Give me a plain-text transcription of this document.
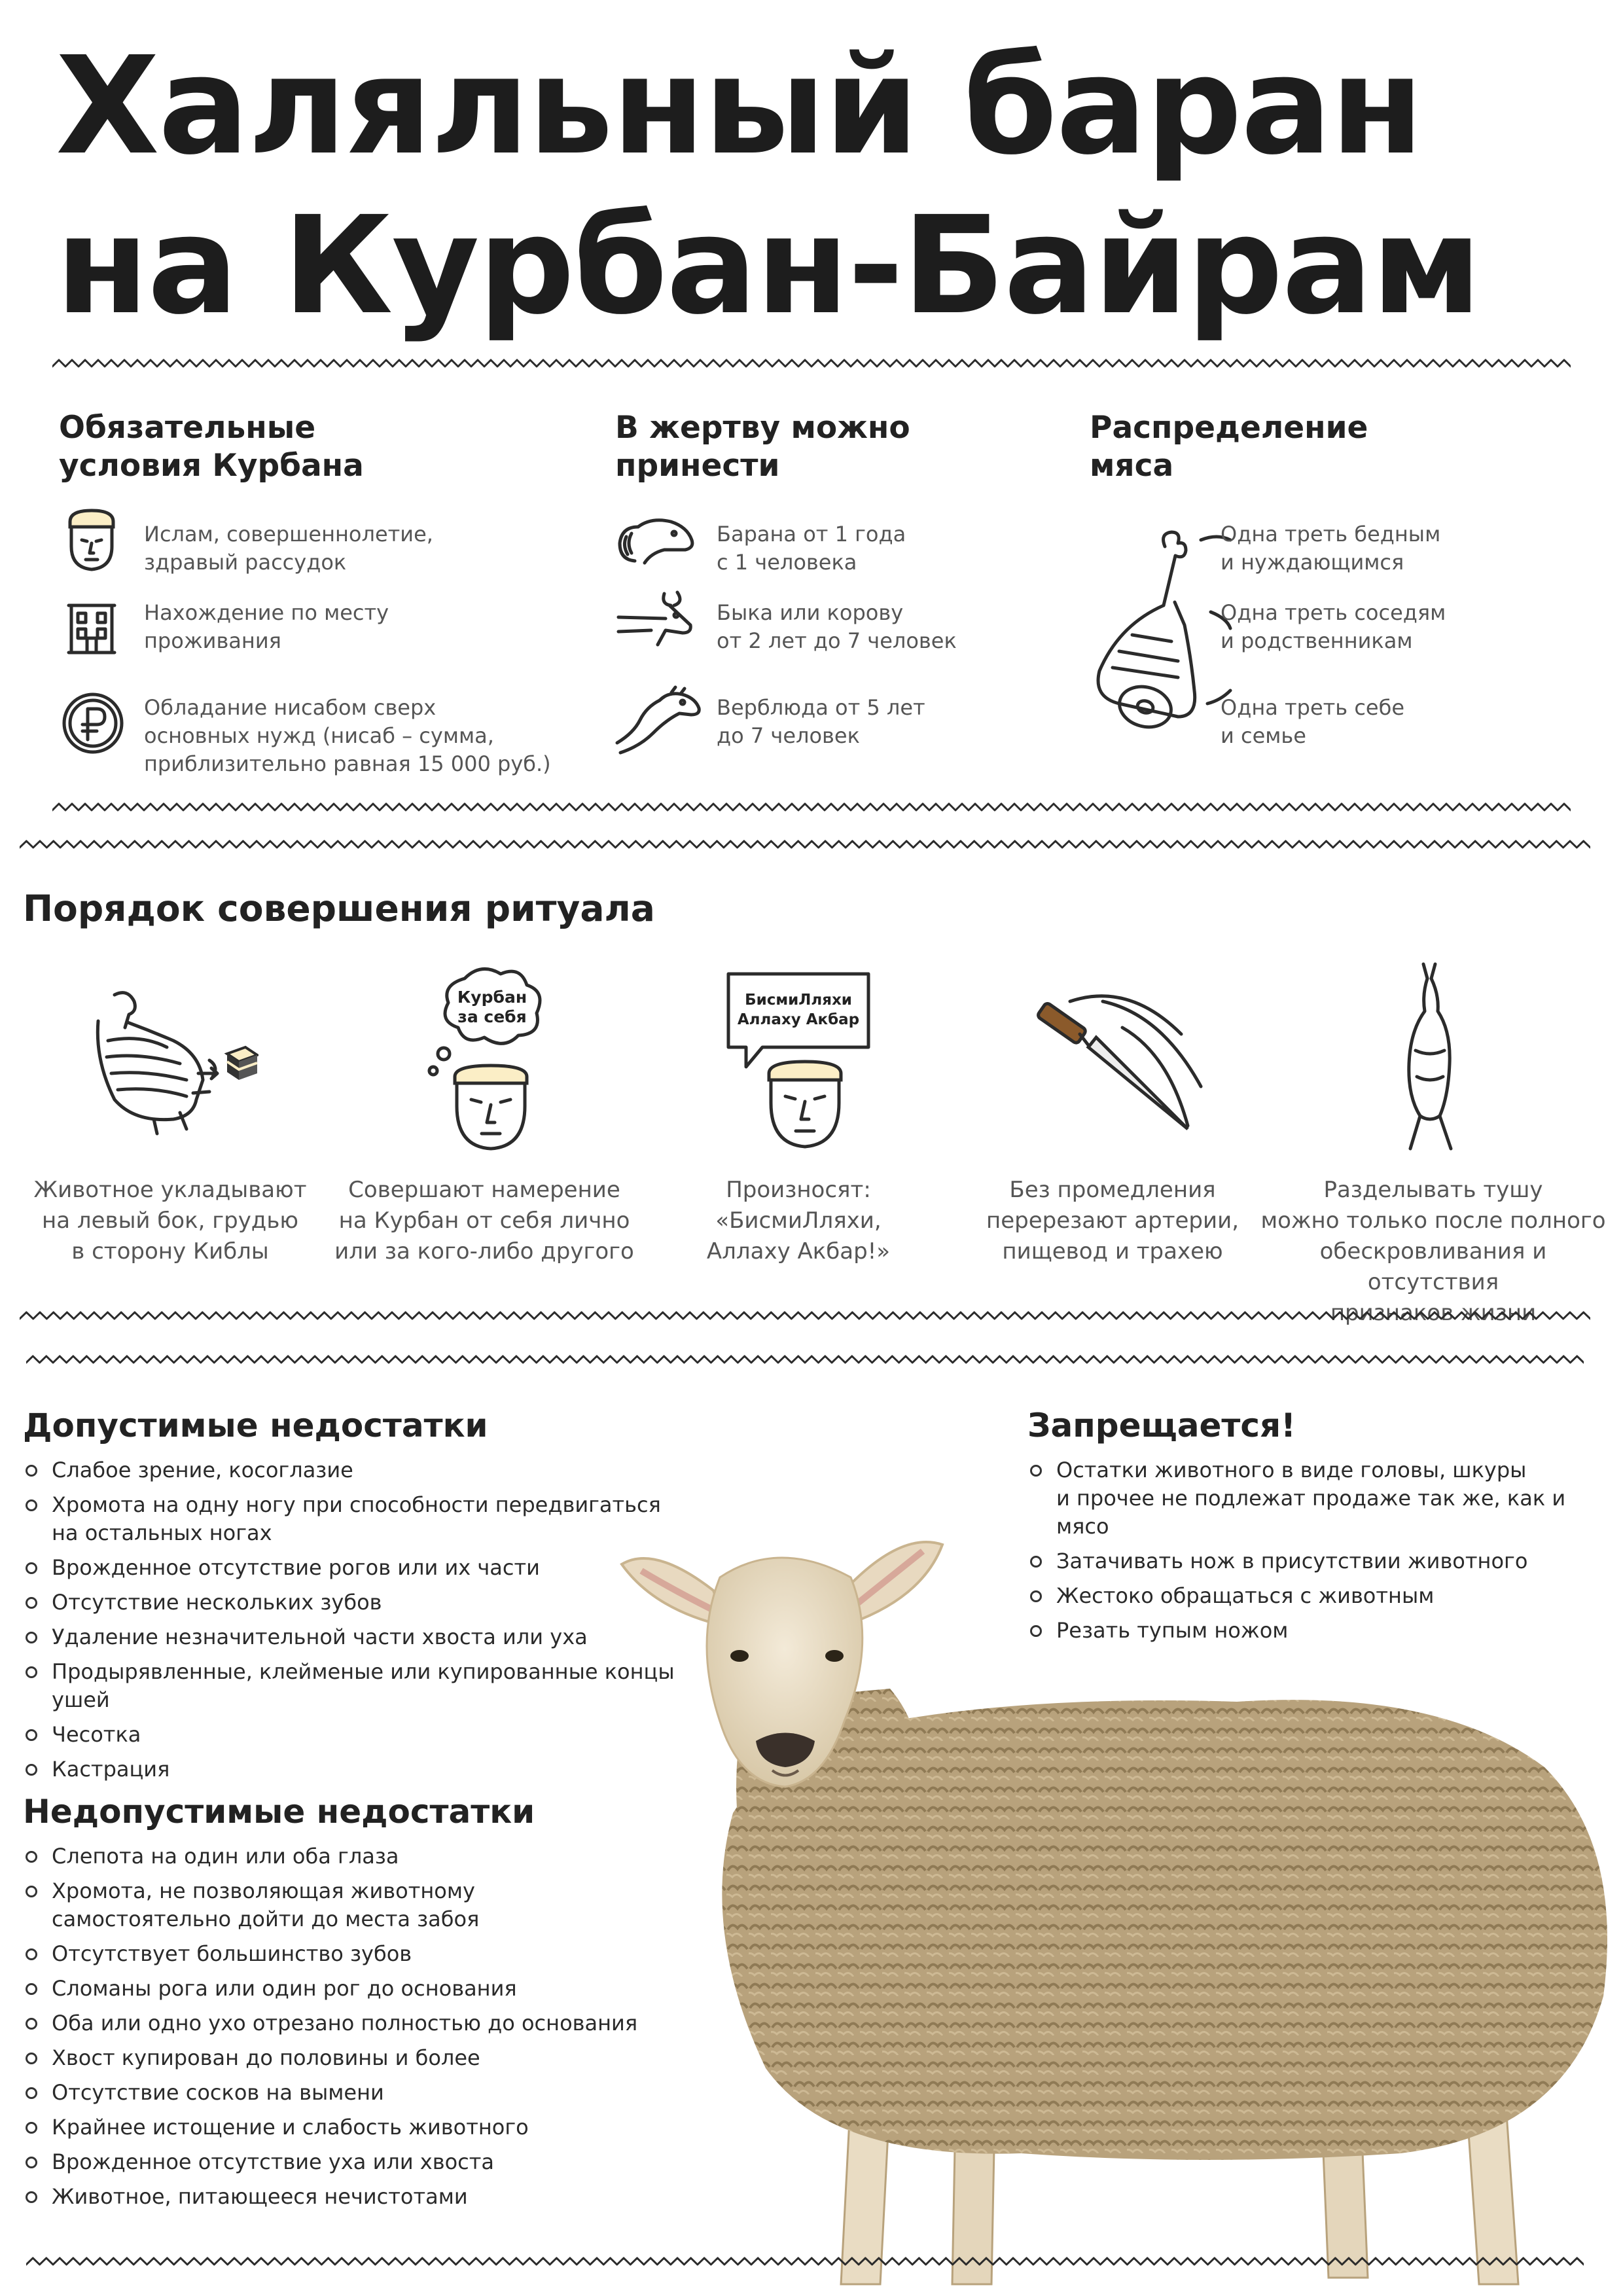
Халяльный баран
на Курбан-Байрам
Обязательные
условия Курбана
Ислам, совершеннолетие,
здравый рассудок
Нахождение по месту
проживания
Обладание нисабом сверх
основных нужд (нисаб – сумма,
приблизительно равная 15 000 руб.)
В жертву можно
принести
Барана от 1 года
с 1 человека
Быка или корову
от 2 лет до 7 человек
Верблюда от 5 лет
до 7 человек
Распределение
мяса
Одна треть бедным
и нуждающимся
Одна треть соседям
и родственникам
Одна треть себе
и семье
Порядок совершения ритуала
Курбан
за себя
БисмиЛляхи
Аллаху Акбар
Животное укладывают
на левый бок, грудью
в сторону Киблы
Совершают намерение
на Курбан от себя лично
или за кого-либо другого
Произносят:
«БисмиЛляхи,
Аллаху Акбар!»
Без промедления
перерезают артерии,
пищевод и трахею
Разделывать тушу
можно только после полного
обескровливания и отсутствия
признаков жизни
Допустимые недостатки
Слабое зрение, косоглазие
Хромота на одну ногу при способности передвигаться
на остальных ногах
Врожденное отсутствие рогов или их части
Отсутствие нескольких зубов
Удаление незначительной части хвоста или уха
Продырявленные, клейменые или купированные концы ушей
Чесотка
Кастрация
Недопустимые недостатки
Слепота на один или оба глаза
Хромота, не позволяющая животному
самостоятельно дойти до места забоя
Отсутствует большинство зубов
Сломаны рога или один рог до основания
Оба или одно ухо отрезано полностью до основания
Хвост купирован до половины и более
Отсутствие сосков на вымени
Крайнее истощение и слабость животного
Врожденное отсутствие уха или хвоста
Животное, питающееся нечистотами
Запрещается!
Остатки животного в виде головы, шкуры
и прочее не подлежат продаже так же, как и мясо
Затачивать нож в присутствии животного
Жестоко обращаться с животным
Резать тупым ножом
